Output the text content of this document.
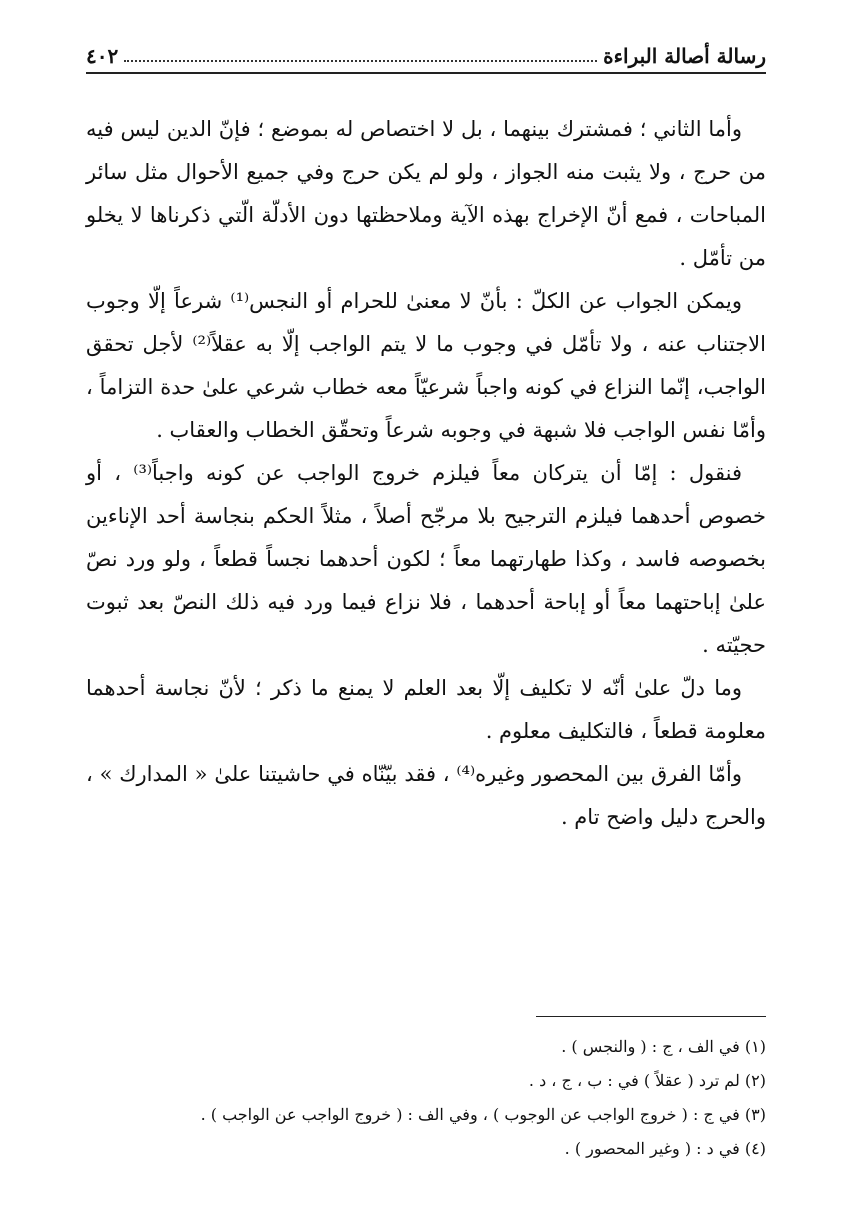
رسالة أصالة البراءة
٤٠٢

وأما الثاني ؛ فمشترك بينهما ، بل لا اختصاص له بموضع ؛ فإنّ الدين ليس فيه من حرج ، ولا يثبت منه الجواز ، ولو لم يكن حرج وفي جميع الأحوال مثل سائر المباحات ، فمع أنّ الإخراج بهذه الآية وملاحظتها دون الأدلّة الّتي ذكرناها لا يخلو من تأمّل .

ويمكن الجواب عن الكلّ : بأنّ لا معنىٰ للحرام أو النجس⁽¹⁾ شرعاً إلّا وجوب الاجتناب عنه ، ولا تأمّل في وجوب ما لا يتم الواجب إلّا به عقلاً⁽²⁾ لأجل تحقق الواجب، إنّما النزاع في كونه واجباً شرعيّاً معه خطاب شرعي علىٰ حدة التزاماً ، وأمّا نفس الواجب فلا شبهة في وجوبه شرعاً وتحقّق الخطاب والعقاب .

فنقول : إمّا أن يتركان معاً فيلزم خروج الواجب عن كونه واجباً⁽³⁾ ، أو خصوص أحدهما فيلزم الترجيح بلا مرجّح أصلاً ، مثلاً الحكم بنجاسة أحد الإناءين بخصوصه فاسد ، وكذا طهارتهما معاً ؛ لكون أحدهما نجساً قطعاً ، ولو ورد نصّ علىٰ إباحتهما معاً أو إباحة أحدهما ، فلا نزاع فيما ورد فيه ذلك النصّ بعد ثبوت حجيّته .

وما دلّ علىٰ أنّه لا تكليف إلّا بعد العلم لا يمنع ما ذكر ؛ لأنّ نجاسة أحدهما معلومة قطعاً ، فالتكليف معلوم .

وأمّا الفرق بين المحصور وغيره⁽⁴⁾ ، فقد بيّنّاه في حاشيتنا علىٰ « المدارك » ، والحرج دليل واضح تام .

(١) في الف ، ج : ( والنجس ) .

(٢) لم ترد ( عقلاً ) في : ب ، ج ، د .

(٣) في ج : ( خروج الواجب عن الوجوب ) ، وفي الف : ( خروج الواجب عن الواجب ) .

(٤) في د : ( وغير المحصور ) .
